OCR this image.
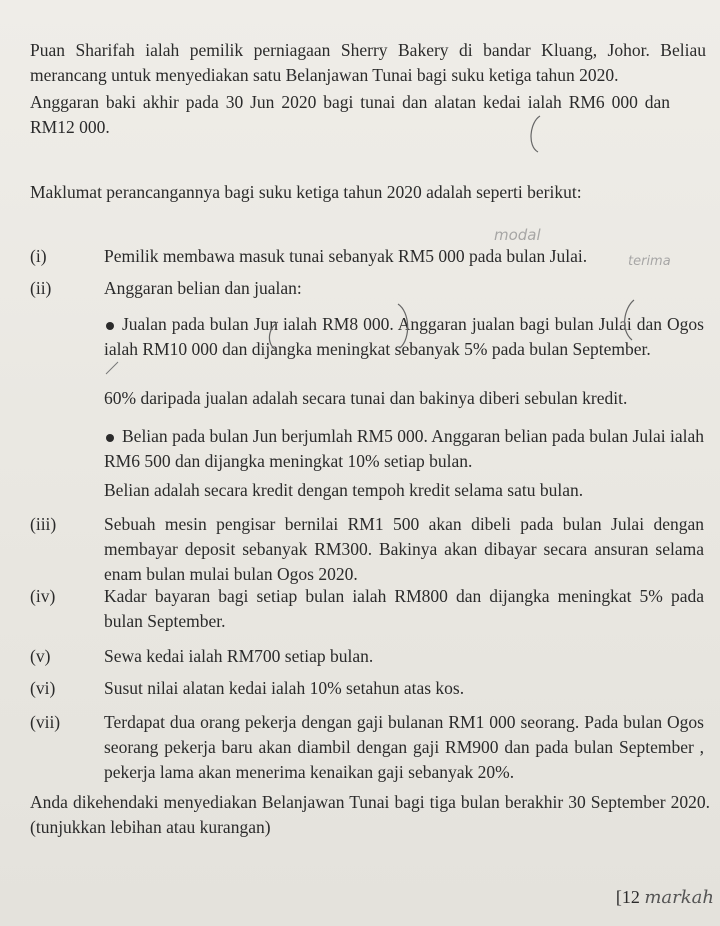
Puan Sharifah ialah pemilik perniagaan Sherry Bakery di bandar Kluang, Johor. Beliau merancang untuk menyediakan satu Belanjawan Tunai bagi suku ketiga tahun 2020.
Anggaran baki akhir pada 30 Jun 2020 bagi tunai dan alatan kedai ialah RM6 000 dan RM12 000.
Maklumat perancangannya bagi suku ketiga tahun 2020 adalah seperti berikut:
(i)	Pemilik membawa masuk tunai sebanyak RM5 000 pada bulan Julai.
(ii)	Anggaran belian dan jualan:
Jualan pada bulan Jun ialah RM8 000. Anggaran jualan bagi bulan Julai dan Ogos ialah RM10 000 dan dijangka meningkat sebanyak 5% pada bulan September.
60% daripada jualan adalah secara tunai dan bakinya diberi sebulan kredit.
Belian pada bulan Jun berjumlah RM5 000. Anggaran belian pada bulan Julai ialah RM6 500 dan dijangka meningkat 10% setiap bulan.
Belian adalah secara kredit dengan tempoh kredit selama satu bulan.
(iii)	Sebuah mesin pengisar bernilai RM1 500 akan dibeli pada bulan Julai dengan membayar deposit sebanyak RM300. Bakinya akan dibayar secara ansuran selama enam bulan mulai bulan Ogos 2020.
(iv)	Kadar bayaran bagi setiap bulan ialah RM800 dan dijangka meningkat 5% pada bulan September.
(v)	Sewa kedai ialah RM700 setiap bulan.
(vi)	Susut nilai alatan kedai ialah 10% setahun atas kos.
(vii)	Terdapat dua orang pekerja dengan gaji bulanan RM1 000 seorang. Pada bulan Ogos seorang pekerja baru akan diambil dengan gaji RM900 dan pada bulan September , pekerja lama akan menerima kenaikan gaji sebanyak 20%.
Anda dikehendaki menyediakan Belanjawan Tunai bagi tiga bulan berakhir 30 September 2020. (tunjukkan lebihan atau kurangan)
[12 markah
modal
terima
